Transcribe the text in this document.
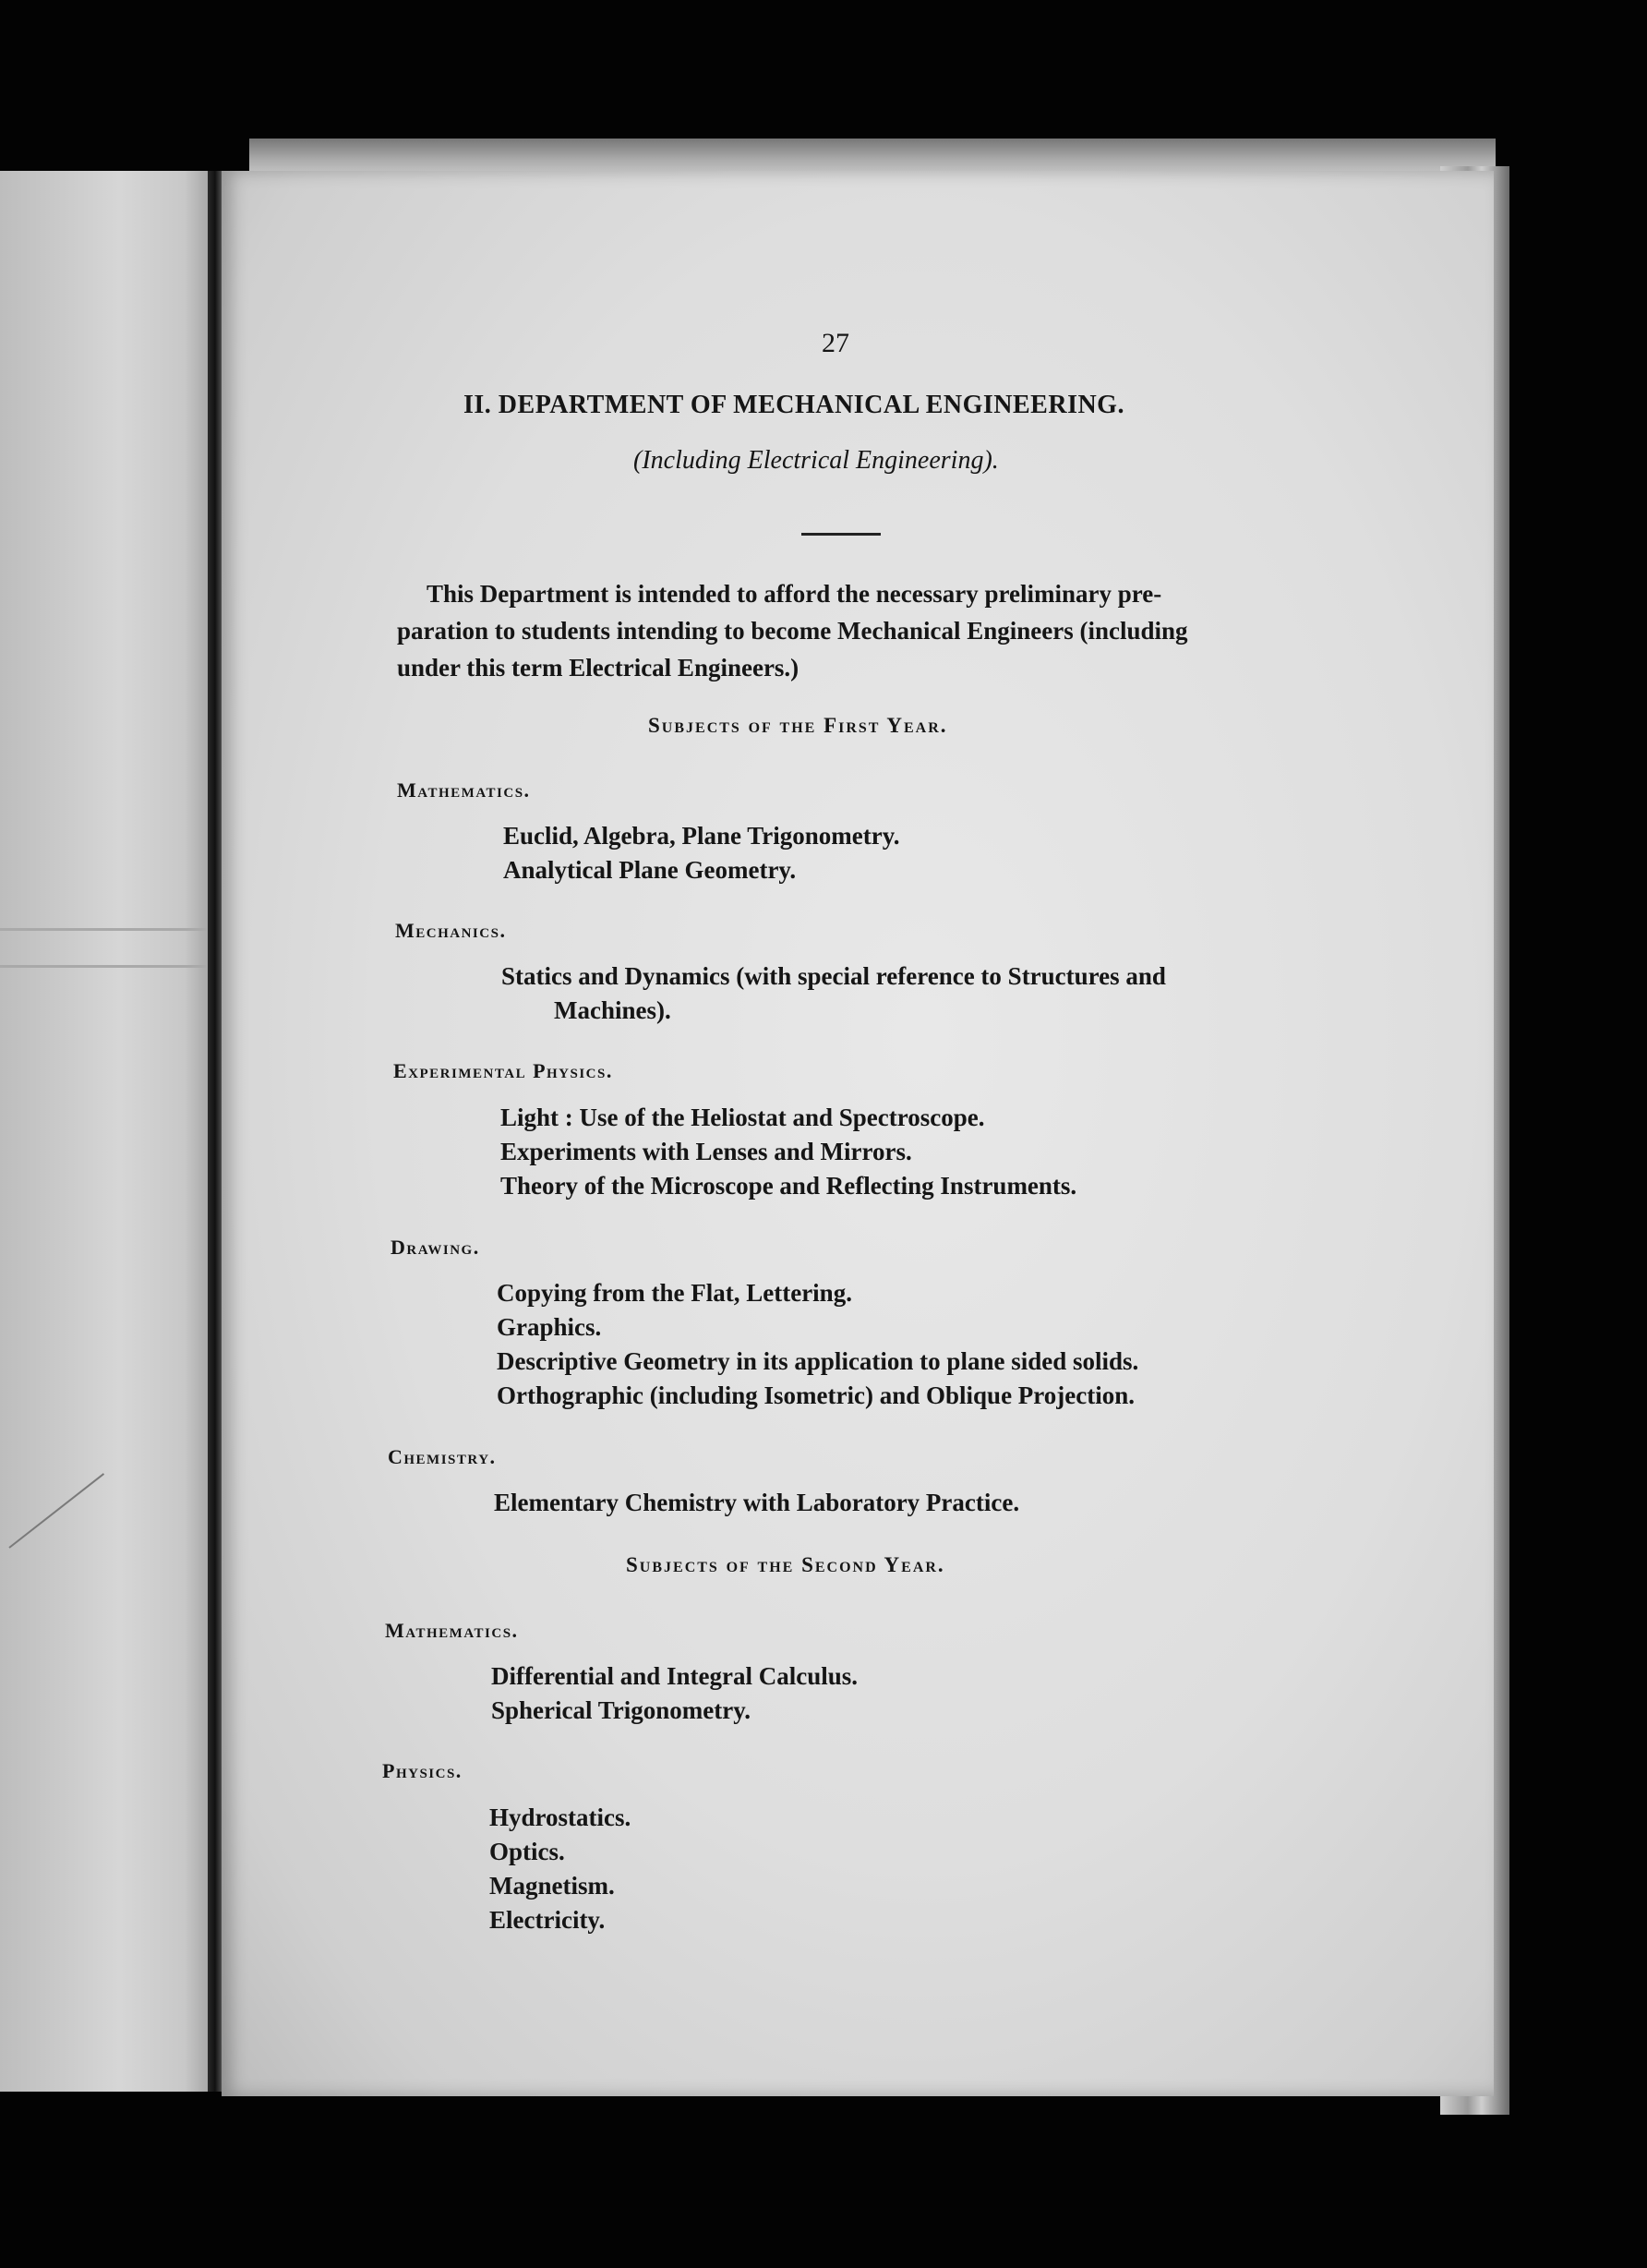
27
II. DEPARTMENT OF MECHANICAL ENGINEERING.
(Including Electrical Engineering).
This Department is intended to afford the necessary preliminary pre-
paration to students intending to become Mechanical Engineers (including
under this term Electrical Engineers.)
Subjects of the First Year.
Mathematics.
Euclid, Algebra, Plane Trigonometry.
Analytical Plane Geometry.
Mechanics.
Statics and Dynamics (with special reference to Structures and
Machines).
Experimental Physics.
Light : Use of the Heliostat and Spectroscope.
Experiments with Lenses and Mirrors.
Theory of the Microscope and Reflecting Instruments.
Drawing.
Copying from the Flat, Lettering.
Graphics.
Descriptive Geometry in its application to plane sided solids.
Orthographic (including Isometric) and Oblique Projection.
Chemistry.
Elementary Chemistry with Laboratory Practice.
Subjects of the Second Year.
Mathematics.
Differential and Integral Calculus.
Spherical Trigonometry.
Physics.
Hydrostatics.
Optics.
Magnetism.
Electricity.
